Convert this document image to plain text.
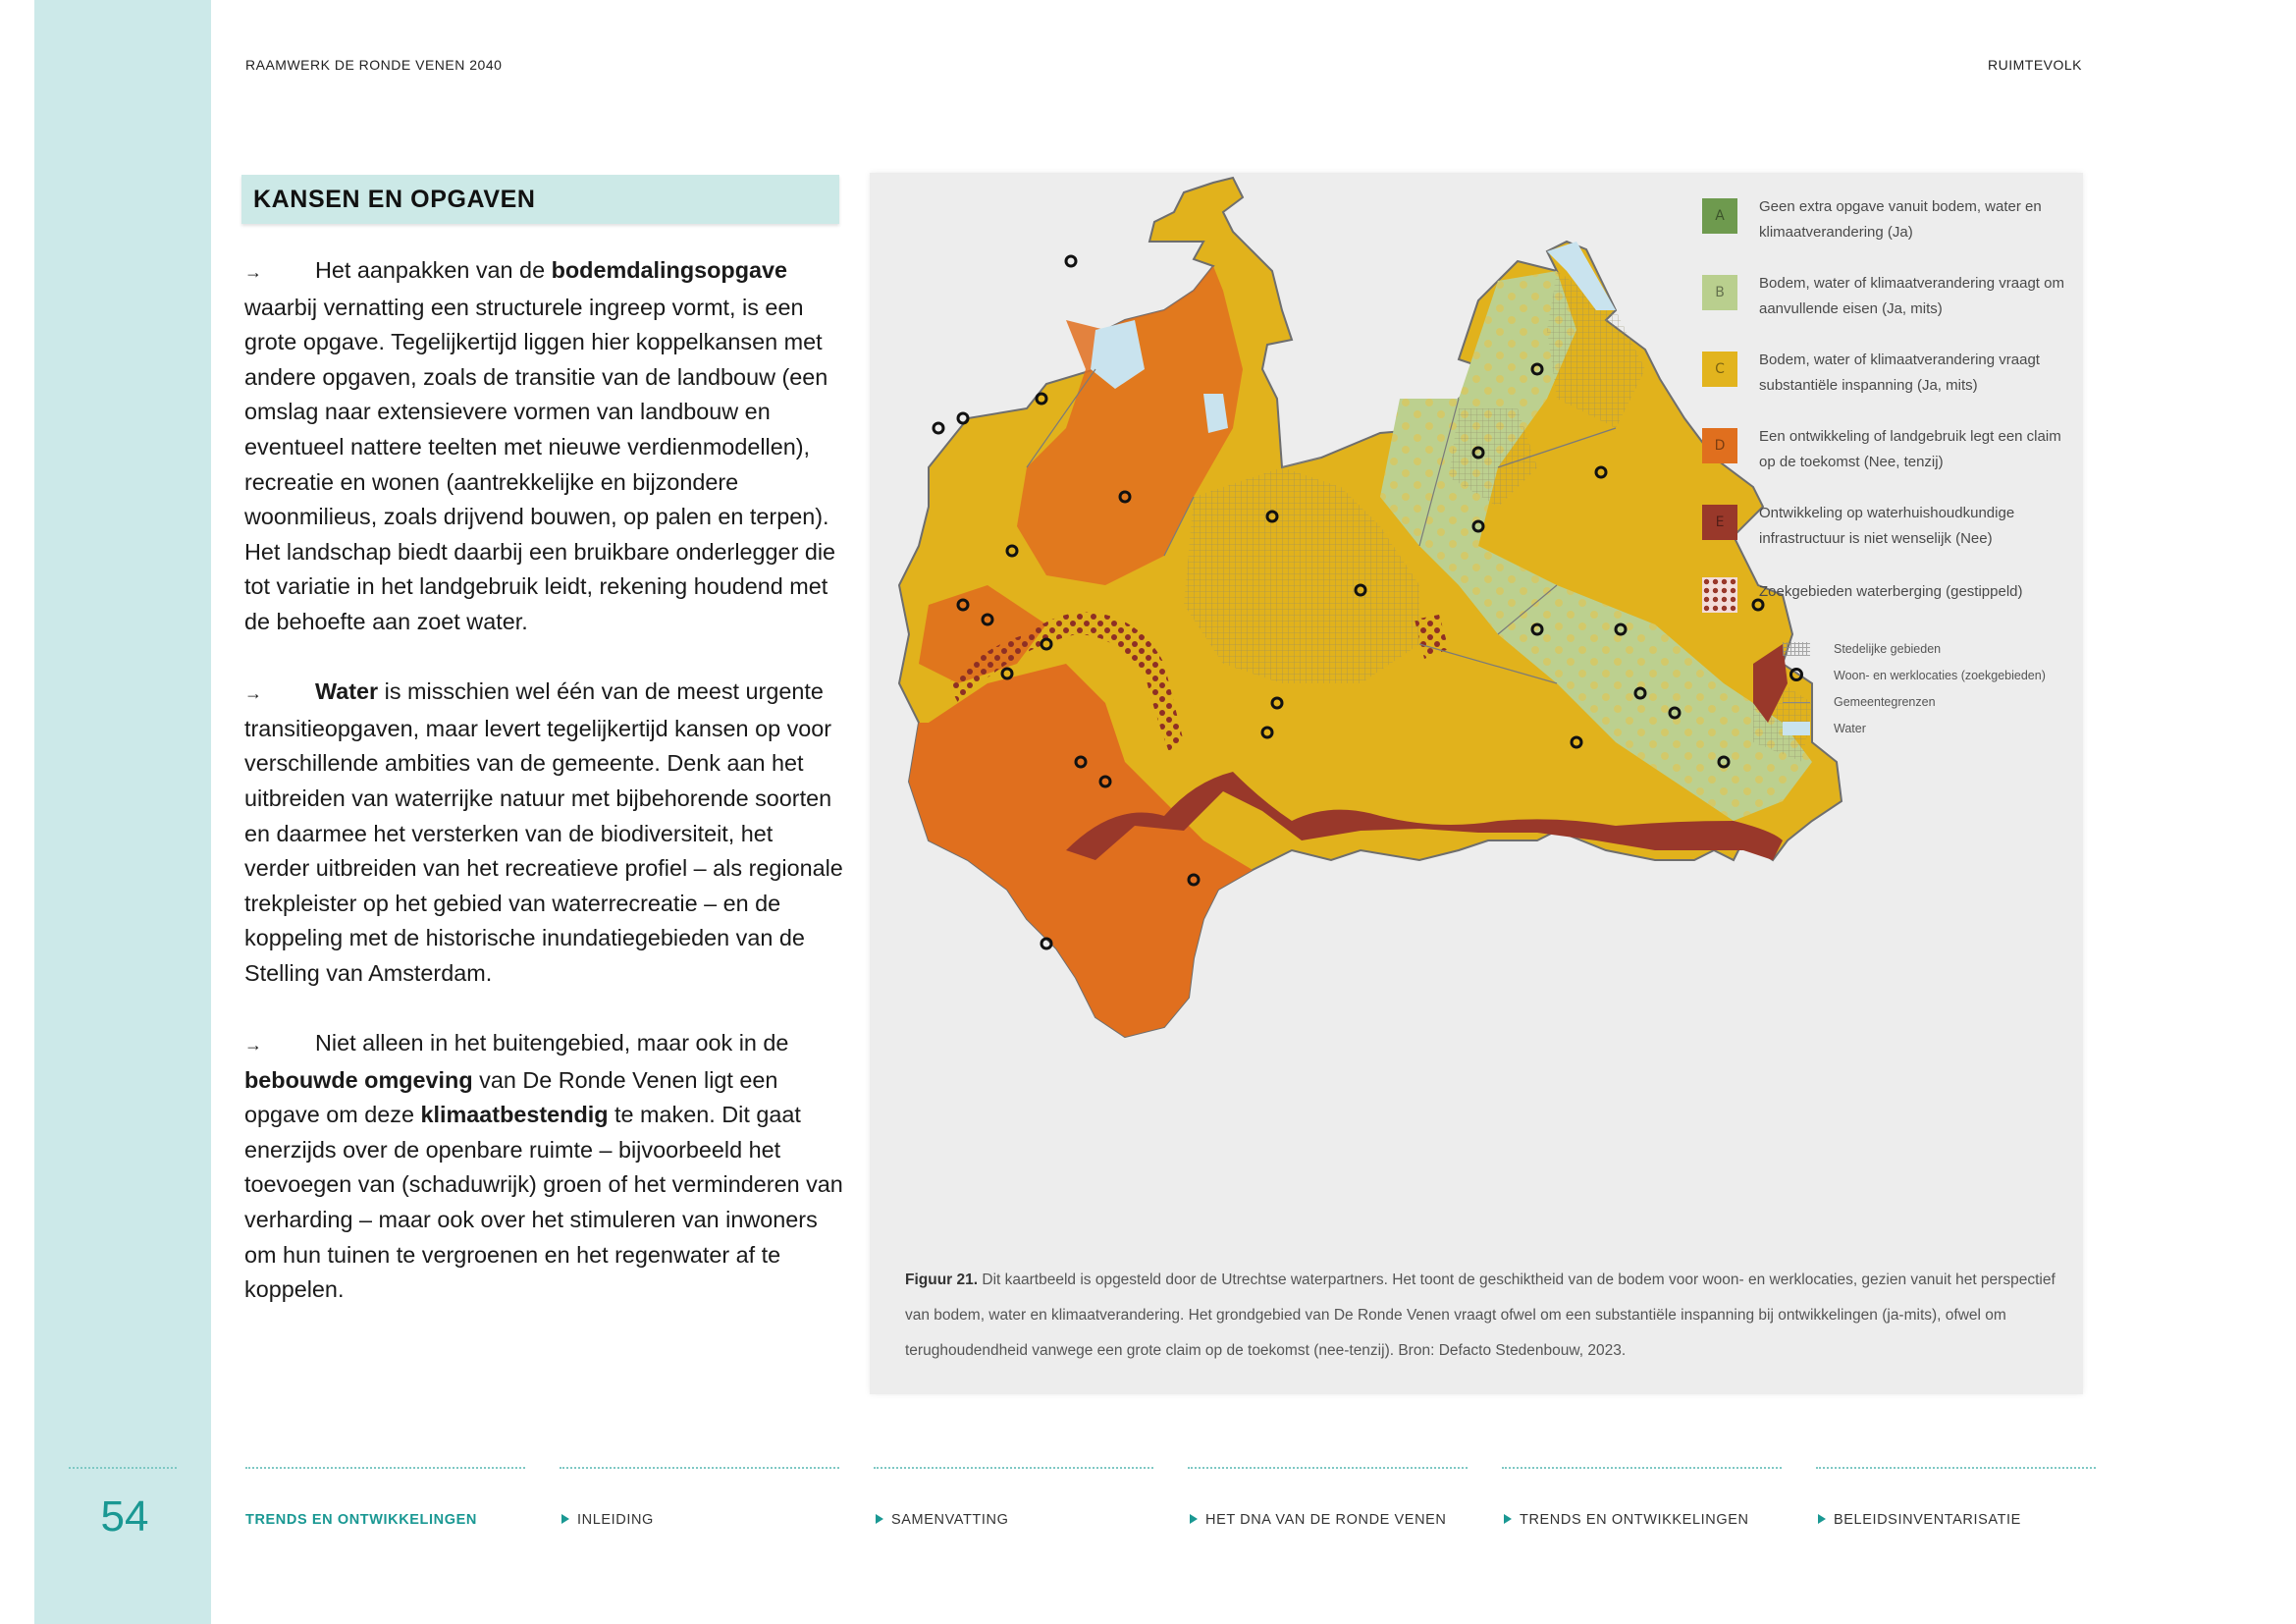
RAAMWERK DE RONDE VENEN 2040	RUIMTEVOLK
KANSEN EN OPGAVEN

→ Het aanpakken van de bodemdalingsopgave waarbij vernatting een structurele ingreep vormt, is een grote opgave. Tegelijkertijd liggen hier koppelkansen met andere opgaven, zoals de transitie van de landbouw (een omslag naar extensievere vormen van landbouw en eventueel nattere teelten met nieuwe verdienmodellen), recreatie en wonen (aantrekkelijke en bijzondere woonmilieus, zoals drijvend bouwen, op palen en terpen). Het landschap biedt daarbij een bruikbare onderlegger die tot variatie in het landgebruik leidt, rekening houdend met de behoefte aan zoet water.

→ Water is misschien wel één van de meest urgente transitieopgaven, maar levert tegelijkertijd kansen op voor verschillende ambities van de gemeente. Denk aan het uitbreiden van waterrijke natuur met bijbehorende soorten en daarmee het versterken van de biodiversiteit, het verder uitbreiden van het recreatieve profiel – als regionale trekpleister op het gebied van waterrecreatie – en de koppeling met de historische inundatiegebieden van de Stelling van Amsterdam.

→ Niet alleen in het buitengebied, maar ook in de bebouwde omgeving van De Ronde Venen ligt een opgave om deze klimaatbestendig te maken. Dit gaat enerzijds over de openbare ruimte – bijvoorbeeld het toevoegen van (schaduwrijk) groen of het verminderen van verharding – maar ook over het stimuleren van inwoners om hun tuinen te vergroenen en het regenwater af te koppelen.

A
Geen extra opgave vanuit bodem, water en klimaatverandering (Ja)
B
Bodem, water of klimaatverandering vraagt om aanvullende eisen (Ja, mits)
C
Bodem, water of klimaatverandering vraagt substantiële inspanning (Ja, mits)
D
Een ontwikkeling of landgebruik legt een claim op de toekomst (Nee, tenzij)
E
Ontwikkeling op waterhuishoudkundige infrastructuur is niet wenselijk (Nee)
Zoekgebieden waterberging (gestippeld)
Stedelijke gebieden
Woon- en werklocaties (zoekgebieden)
Gemeentegrenzen
Water
Figuur 21. Dit kaartbeeld is opgesteld door de Utrechtse waterpartners. Het toont de geschiktheid van de bodem voor woon- en werklocaties, gezien vanuit het perspectief van bodem, water en klimaatverandering. Het grondgebied van De Ronde Venen vraagt ofwel om een substantiële inspanning bij ontwikkelingen (ja-mits), ofwel om terughoudendheid vanwege een grote claim op de toekomst (nee-tenzij). Bron: Defacto Stedenbouw, 2023.
54	TRENDS EN ONTWIKKELINGEN	INLEIDING	SAMENVATTING	HET DNA VAN DE RONDE VENEN	TRENDS EN ONTWIKKELINGEN	BELEIDSINVENTARISATIE
